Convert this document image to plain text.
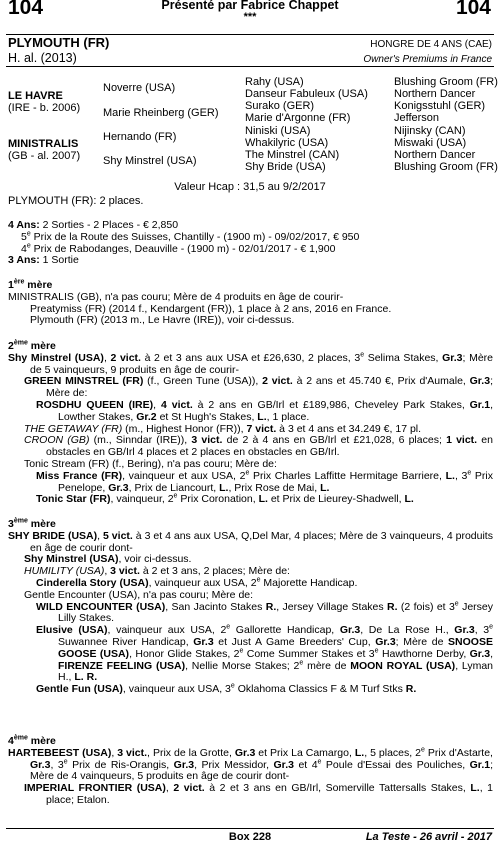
104	104
Présenté par Fabrice Chappet
***
PLYMOUTH (FR)
H. al. (2013)
HONGRE DE 4 ANS (CAE)
Owner's Premiums in France
LE HAVRE
(IRE - b. 2006)
MINISTRALIS
(GB - al. 2007)
Noverre (USA)
Marie Rheinberg (GER)
Hernando (FR)
Shy Minstrel (USA)
Rahy (USA)
Danseur Fabuleux (USA)
Surako (GER)
Marie d'Argonne (FR)
Niniski (USA)
Whakilyric (USA)
The Minstrel (CAN)
Shy Bride (USA)
Blushing Groom (FR)
Northern Dancer
Konigsstuhl (GER)
Jefferson
Nijinsky (CAN)
Miswaki (USA)
Northern Dancer
Blushing Groom (FR)
Valeur Hcap : 31,5 au 9/2/2017
PLYMOUTH (FR): 2 places.

4 Ans: 2 Sorties - 2 Places - € 2,850

5e Prix de la Route des Suisses, Chantilly - (1900 m) - 09/02/2017, € 950

4e Prix de Rabodanges, Deauville - (1900 m) - 02/01/2017 - € 1,900

3 Ans: 1 Sortie

1ère mère

MINISTRALIS (GB), n'a pas couru; Mère de 4 produits en âge de courir-

Preatymiss (FR) (2014 f., Kendargent (FR)), 1 place à 2 ans, 2016 en France.

Plymouth (FR) (2013 m., Le Havre (IRE)), voir ci-dessus.

2ème mère

Shy Minstrel (USA), 2 vict. à 2 et 3 ans aux USA et £26,630, 2 places, 3e Selima Stakes, Gr.3; Mère de 5 vainqueurs, 9 produits en âge de courir-

GREEN MINSTREL (FR) (f., Green Tune (USA)), 2 vict. à 2 ans et 45.740 €, Prix d'Aumale, Gr.3; Mère de:

ROSDHU QUEEN (IRE), 4 vict. à 2 ans en GB/Irl et £189,986, Cheveley Park Stakes, Gr.1, Lowther Stakes, Gr.2 et St Hugh's Stakes, L., 1 place.

THE GETAWAY (FR) (m., Highest Honor (FR)), 7 vict. à 3 et 4 ans et 34.249 €, 17 pl.

CROON (GB) (m., Sinndar (IRE)), 3 vict. de 2 à 4 ans en GB/Irl et £21,028, 6 places; 1 vict. en obstacles en GB/Irl 4 places et 2 places en obstacles en GB/Irl.

Tonic Stream (FR) (f., Bering), n'a pas couru; Mère de:

Miss France (FR), vainqueur et aux USA, 2e Prix Charles Laffitte Hermitage Barriere, L., 3e Prix Penelope, Gr.3, Prix de Liancourt, L., Prix Rose de Mai, L.

Tonic Star (FR), vainqueur, 2e Prix Coronation, L. et Prix de Lieurey-Shadwell, L.

3ème mère

SHY BRIDE (USA), 5 vict. à 3 et 4 ans aux USA, Q,Del Mar, 4 places; Mère de 3 vainqueurs, 4 produits en âge de courir dont-

Shy Minstrel (USA), voir ci-dessus.

HUMILITY (USA), 3 vict. à 2 et 3 ans, 2 places; Mère de:

Cinderella Story (USA), vainqueur aux USA, 2e Majorette Handicap.

Gentle Encounter (USA), n'a pas couru; Mère de:

WILD ENCOUNTER (USA), San Jacinto Stakes R., Jersey Village Stakes R. (2 fois) et 3e Jersey Lilly Stakes.

Elusive (USA), vainqueur aux USA, 2e Gallorette Handicap, Gr.3, De La Rose H., Gr.3, 3e Suwannee River Handicap, Gr.3 et Just A Game Breeders' Cup, Gr.3; Mère de SNOOSE GOOSE (USA), Honor Glide Stakes, 2e Come Summer Stakes et 3e Hawthorne Derby, Gr.3, FIRENZE FEELING (USA), Nellie Morse Stakes; 2e mère de MOON ROYAL (USA), Lyman H., L. R.

Gentle Fun (USA), vainqueur aux USA, 3e Oklahoma Classics F & M Turf Stks R.

4ème mère

HARTEBEEST (USA), 3 vict., Prix de la Grotte, Gr.3 et Prix La Camargo, L., 5 places, 2e Prix d'Astarte, Gr.3, 3e Prix de Ris-Orangis, Gr.3, Prix Messidor, Gr.3 et 4e Poule d'Essai des Pouliches, Gr.1; Mère de 4 vainqueurs, 5 produits en âge de courir dont-

IMPERIAL FRONTIER (USA), 2 vict. à 2 et 3 ans en GB/Irl, Somerville Tattersalls Stakes, L., 1 place; Etalon.

Box 228	La Teste - 26 avril - 2017
